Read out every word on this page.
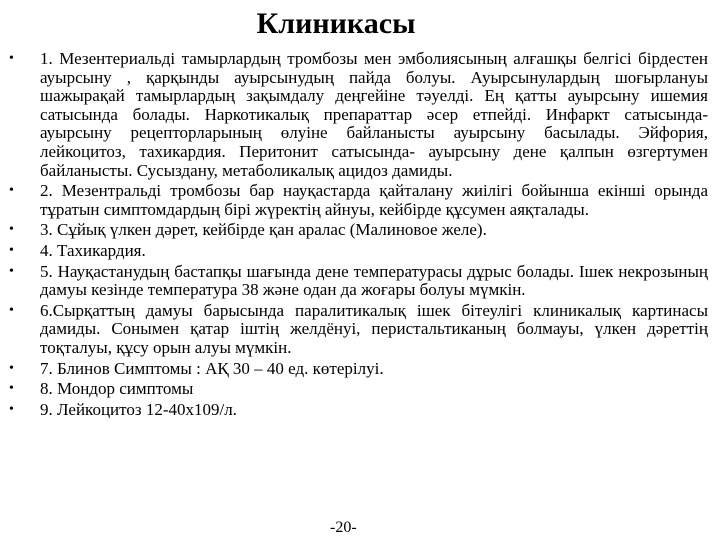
Клиникасы
• 1. Мезентериальді тамырлардың тромбозы мен эмболиясының алғашқы белгісі бірдестен ауырсыну , қарқынды ауырсынудың пайда болуы. Ауырсынулардың шоғырлануы шажырақай тамырлардың зақымдалу деңгейіне тәуелді. Ең қатты ауырсыну ишемия сатысында болады. Наркотикалық препараттар әсер етпейді. Инфаркт сатысында- ауырсыну рецепторларының өлуіне байланысты ауырсыну басылады. Эйфория, лейкоцитоз, тахикардия. Перитонит сатысында- ауырсыну дене қалпын өзгертумен байланысты. Сусыздану, метаболикалық ацидоз дамиды.
• 2. Мезентральді тромбозы бар науқастарда қайталану жиілігі бойынша екінші орында тұратын симптомдардың бірі жүректің айнуы, кейбірде құсумен аяқталады.
• 3. Сұйық үлкен дәрет, кейбірде қан аралас (Малиновое желе).
• 4. Тахикардия.
• 5. Науқастанудың бастапқы шағында дене температурасы дұрыс болады. Ішек некрозының дамуы кезінде температура 38 және одан да жоғары болуы мүмкін.
• 6.Сырқаттың дамуы барысында паралитикалық ішек бітеулігі клиникалық картинасы дамиды. Сонымен қатар іштің желдёнуі, перистальтиканың болмауы, үлкен дәреттің тоқталуы, құсу орын алуы мүмкін.
• 7. Блинов Симптомы : АҚ 30 – 40 ед. көтерілуі.
• 8. Мондор симптомы
• 9. Лейкоцитоз 12-40х109/л.
-20-
